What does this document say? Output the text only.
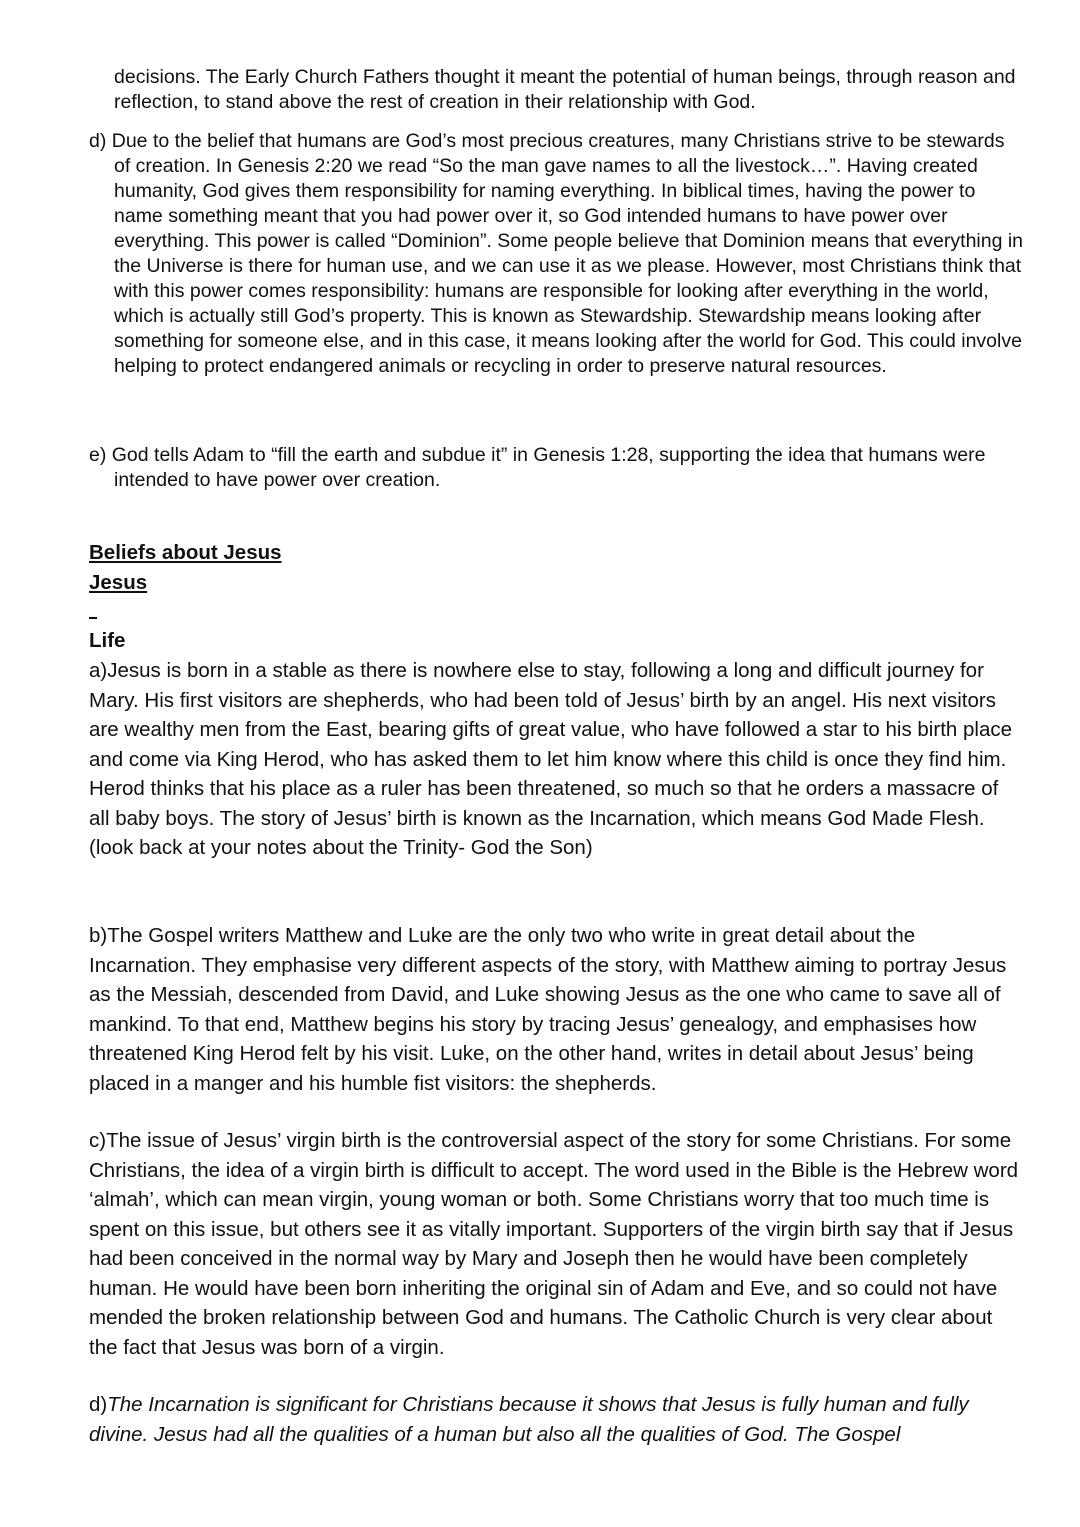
decisions. The Early Church Fathers thought it meant the potential of human beings, through reason and reflection, to stand above the rest of creation in their relationship with God.

d) Due to the belief that humans are God’s most precious creatures, many Christians strive to be stewards of creation. In Genesis 2:20 we read “So the man gave names to all the livestock…”. Having created humanity, God gives them responsibility for naming everything. In biblical times, having the power to name something meant that you had power over it, so God intended humans to have power over everything. This power is called “Dominion”. Some people believe that Dominion means that everything in the Universe is there for human use, and we can use it as we please. However, most Christians think that with this power comes responsibility: humans are responsible for looking after everything in the world, which is actually still God’s property. This is known as Stewardship. Stewardship means looking after something for someone else, and in this case, it means looking after the world for God. This could involve helping to protect endangered animals or recycling in order to preserve natural resources.

e) God tells Adam to “fill the earth and subdue it” in Genesis 1:28, supporting the idea that humans were intended to have power over creation.

Beliefs about Jesus
Jesus
Life

a)Jesus is born in a stable as there is nowhere else to stay, following a long and difficult journey for Mary. His first visitors are shepherds, who had been told of Jesus’ birth by an angel. His next visitors are wealthy men from the East, bearing gifts of great value, who have followed a star to his birth place and come via King Herod, who has asked them to let him know where this child is once they find him. Herod thinks that his place as a ruler has been threatened, so much so that he orders a massacre of all baby boys. The story of Jesus’ birth is known as the Incarnation, which means God Made Flesh. (look back at your notes about the Trinity- God the Son)

b)The Gospel writers Matthew and Luke are the only two who write in great detail about the Incarnation. They emphasise very different aspects of the story, with Matthew aiming to portray Jesus as the Messiah, descended from David, and Luke showing Jesus as the one who came to save all of mankind. To that end, Matthew begins his story by tracing Jesus’ genealogy, and emphasises how threatened King Herod felt by his visit. Luke, on the other hand, writes in detail about Jesus’ being placed in a manger and his humble fist visitors: the shepherds.

c)The issue of Jesus’ virgin birth is the controversial aspect of the story for some Christians. For some Christians, the idea of a virgin birth is difficult to accept. The word used in the Bible is the Hebrew word ‘almah’, which can mean virgin, young woman or both. Some Christians worry that too much time is spent on this issue, but others see it as vitally important. Supporters of the virgin birth say that if Jesus had been conceived in the normal way by Mary and Joseph then he would have been completely human. He would have been born inheriting the original sin of Adam and Eve, and so could not have mended the broken relationship between God and humans. The Catholic Church is very clear about the fact that Jesus was born of a virgin.

d)The Incarnation is significant for Christians because it shows that Jesus is fully human and fully divine. Jesus had all the qualities of a human but also all the qualities of God. The Gospel
